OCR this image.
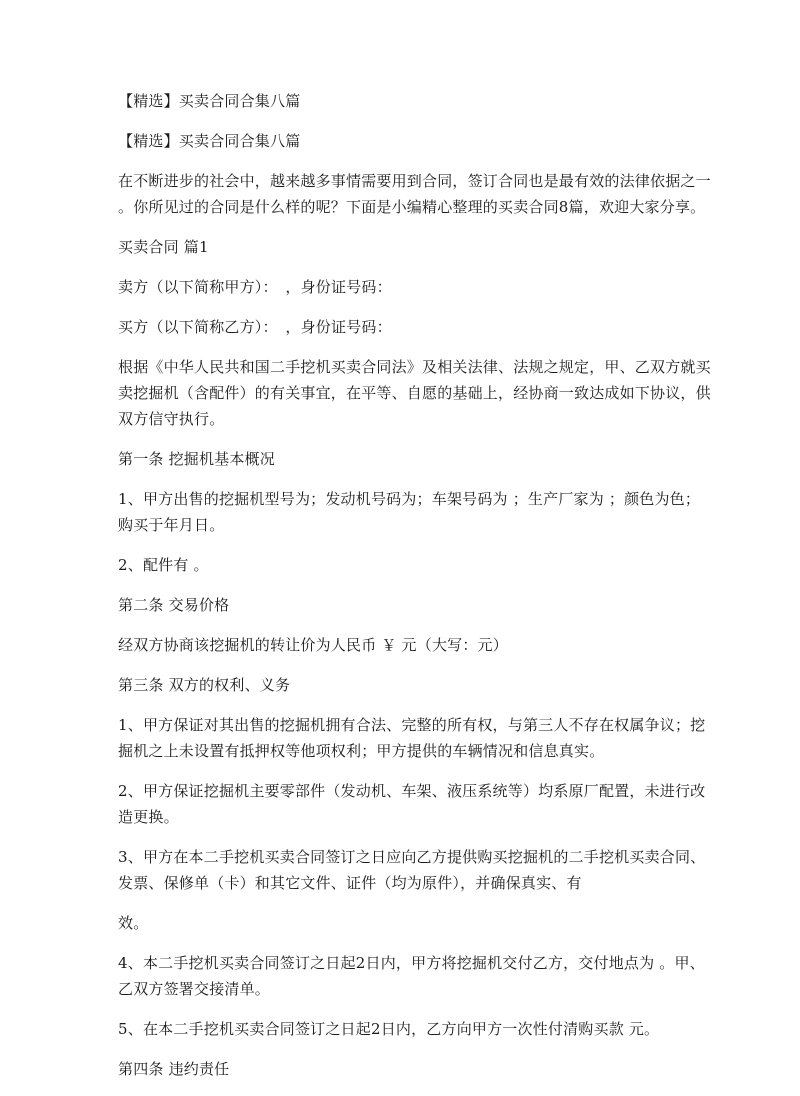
【精选】买卖合同合集八篇

【精选】买卖合同合集八篇

在不断进步的社会中，越来越多事情需要用到合同，签订合同也是最有效的法律依据之一
。你所见过的合同是什么样的呢？下面是小编精心整理的买卖合同8篇，欢迎大家分享。

买卖合同 篇1

卖方（以下简称甲方）：　，身份证号码：

买方（以下简称乙方）：　，身份证号码：

根据《中华人民共和国二手挖机买卖合同法》及相关法律、法规之规定，甲、乙双方就买
卖挖掘机（含配件）的有关事宜，在平等、自愿的基础上，经协商一致达成如下协议，供
双方信守执行。

第一条 挖掘机基本概况

1、甲方出售的挖掘机型号为；发动机号码为；车架号码为 ；生产厂家为 ；颜色为色；
购买于年月日。

2、配件有 。

第二条 交易价格

经双方协商该挖掘机的转让价为人民币 ￥ 元（大写：元）

第三条 双方的权利、义务

1、甲方保证对其出售的挖掘机拥有合法、完整的所有权，与第三人不存在权属争议；挖
掘机之上未设置有抵押权等他项权利；甲方提供的车辆情况和信息真实。

2、甲方保证挖掘机主要零部件（发动机、车架、液压系统等）均系原厂配置，未进行改
造更换。

3、甲方在本二手挖机买卖合同签订之日应向乙方提供购买挖掘机的二手挖机买卖合同、
发票、保修单（卡）和其它文件、证件（均为原件），并确保真实、有

效。

4、本二手挖机买卖合同签订之日起2日内，甲方将挖掘机交付乙方，交付地点为 。甲、
乙双方签署交接清单。

5、在本二手挖机买卖合同签订之日起2日内，乙方向甲方一次性付清购买款 元。

第四条 违约责任
